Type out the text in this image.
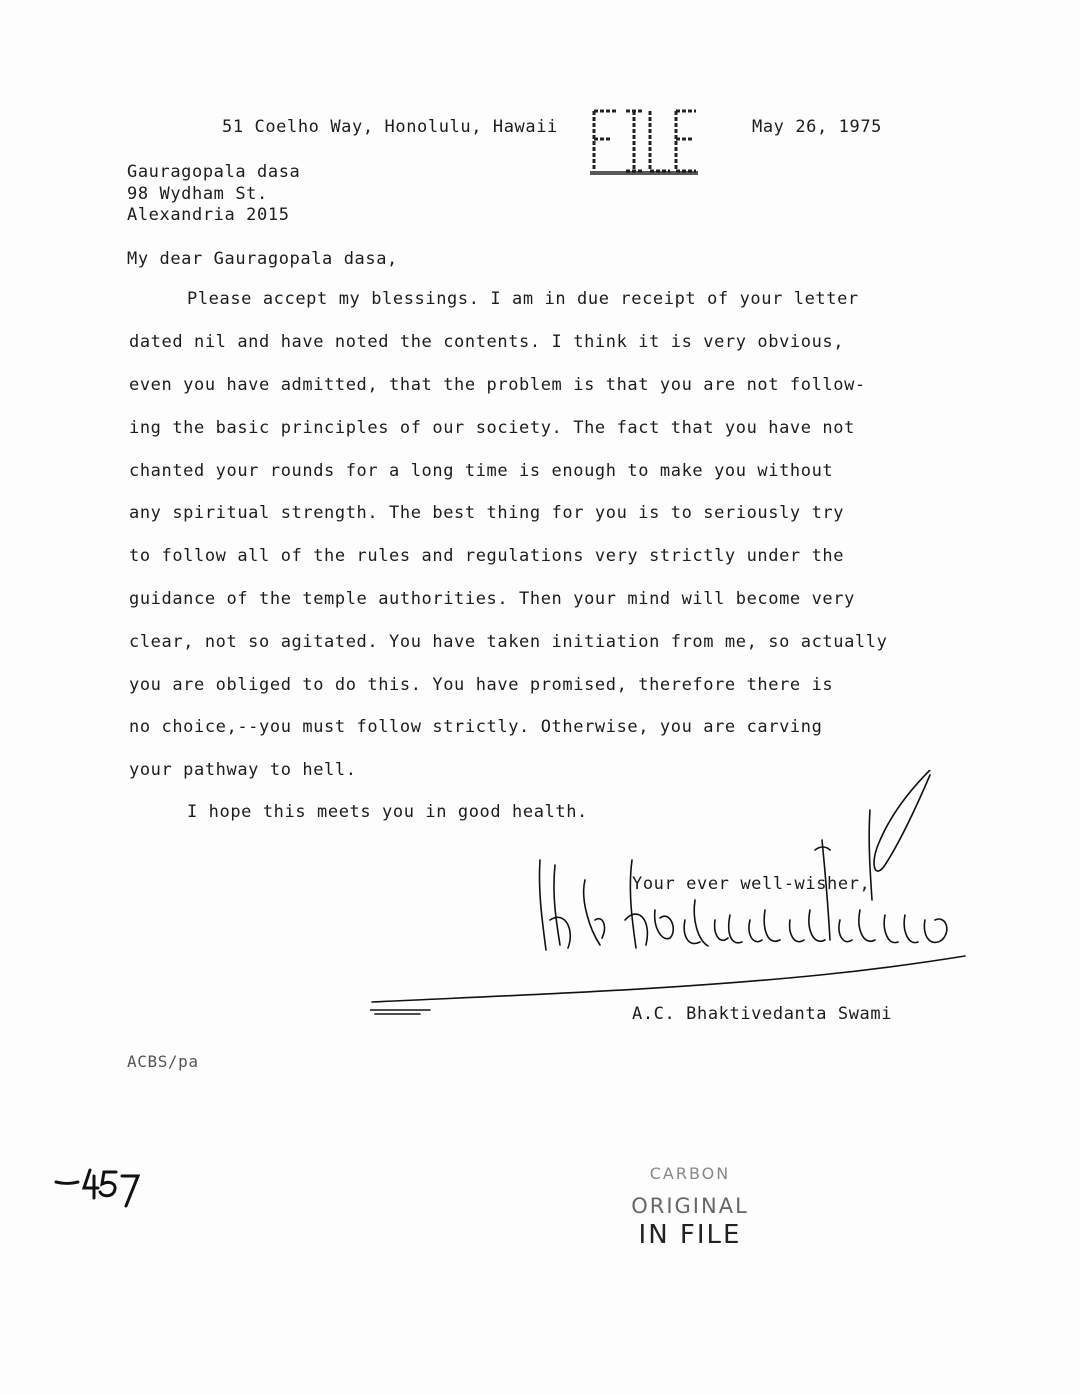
51 Coelho Way, Honolulu, Hawaii	May 26, 1975
Gauragopala dasa
98 Wydham St.
Alexandria 2015
My dear Gauragopala dasa,
Please accept my blessings. I am in due receipt of your letter
dated nil and have noted the contents. I think it is very obvious,
even you have admitted, that the problem is that you are not follow-
ing the basic principles of our society. The fact that you have not
chanted your rounds for a long time is enough to make you without
any spiritual strength. The best thing for you is to seriously try
to follow all of the rules and regulations very strictly under the
guidance of the temple authorities. Then your mind will become very
clear, not so agitated. You have taken initiation from me, so actually
you are obliged to do this. You have promised, therefore there is
no choice,--you must follow strictly. Otherwise, you are carving
your pathway to hell.
I hope this meets you in good health.
Your ever well-wisher,
A.C. Bhaktivedanta Swami
ACBS/pa
CARBON
ORIGINAL
IN FILE
